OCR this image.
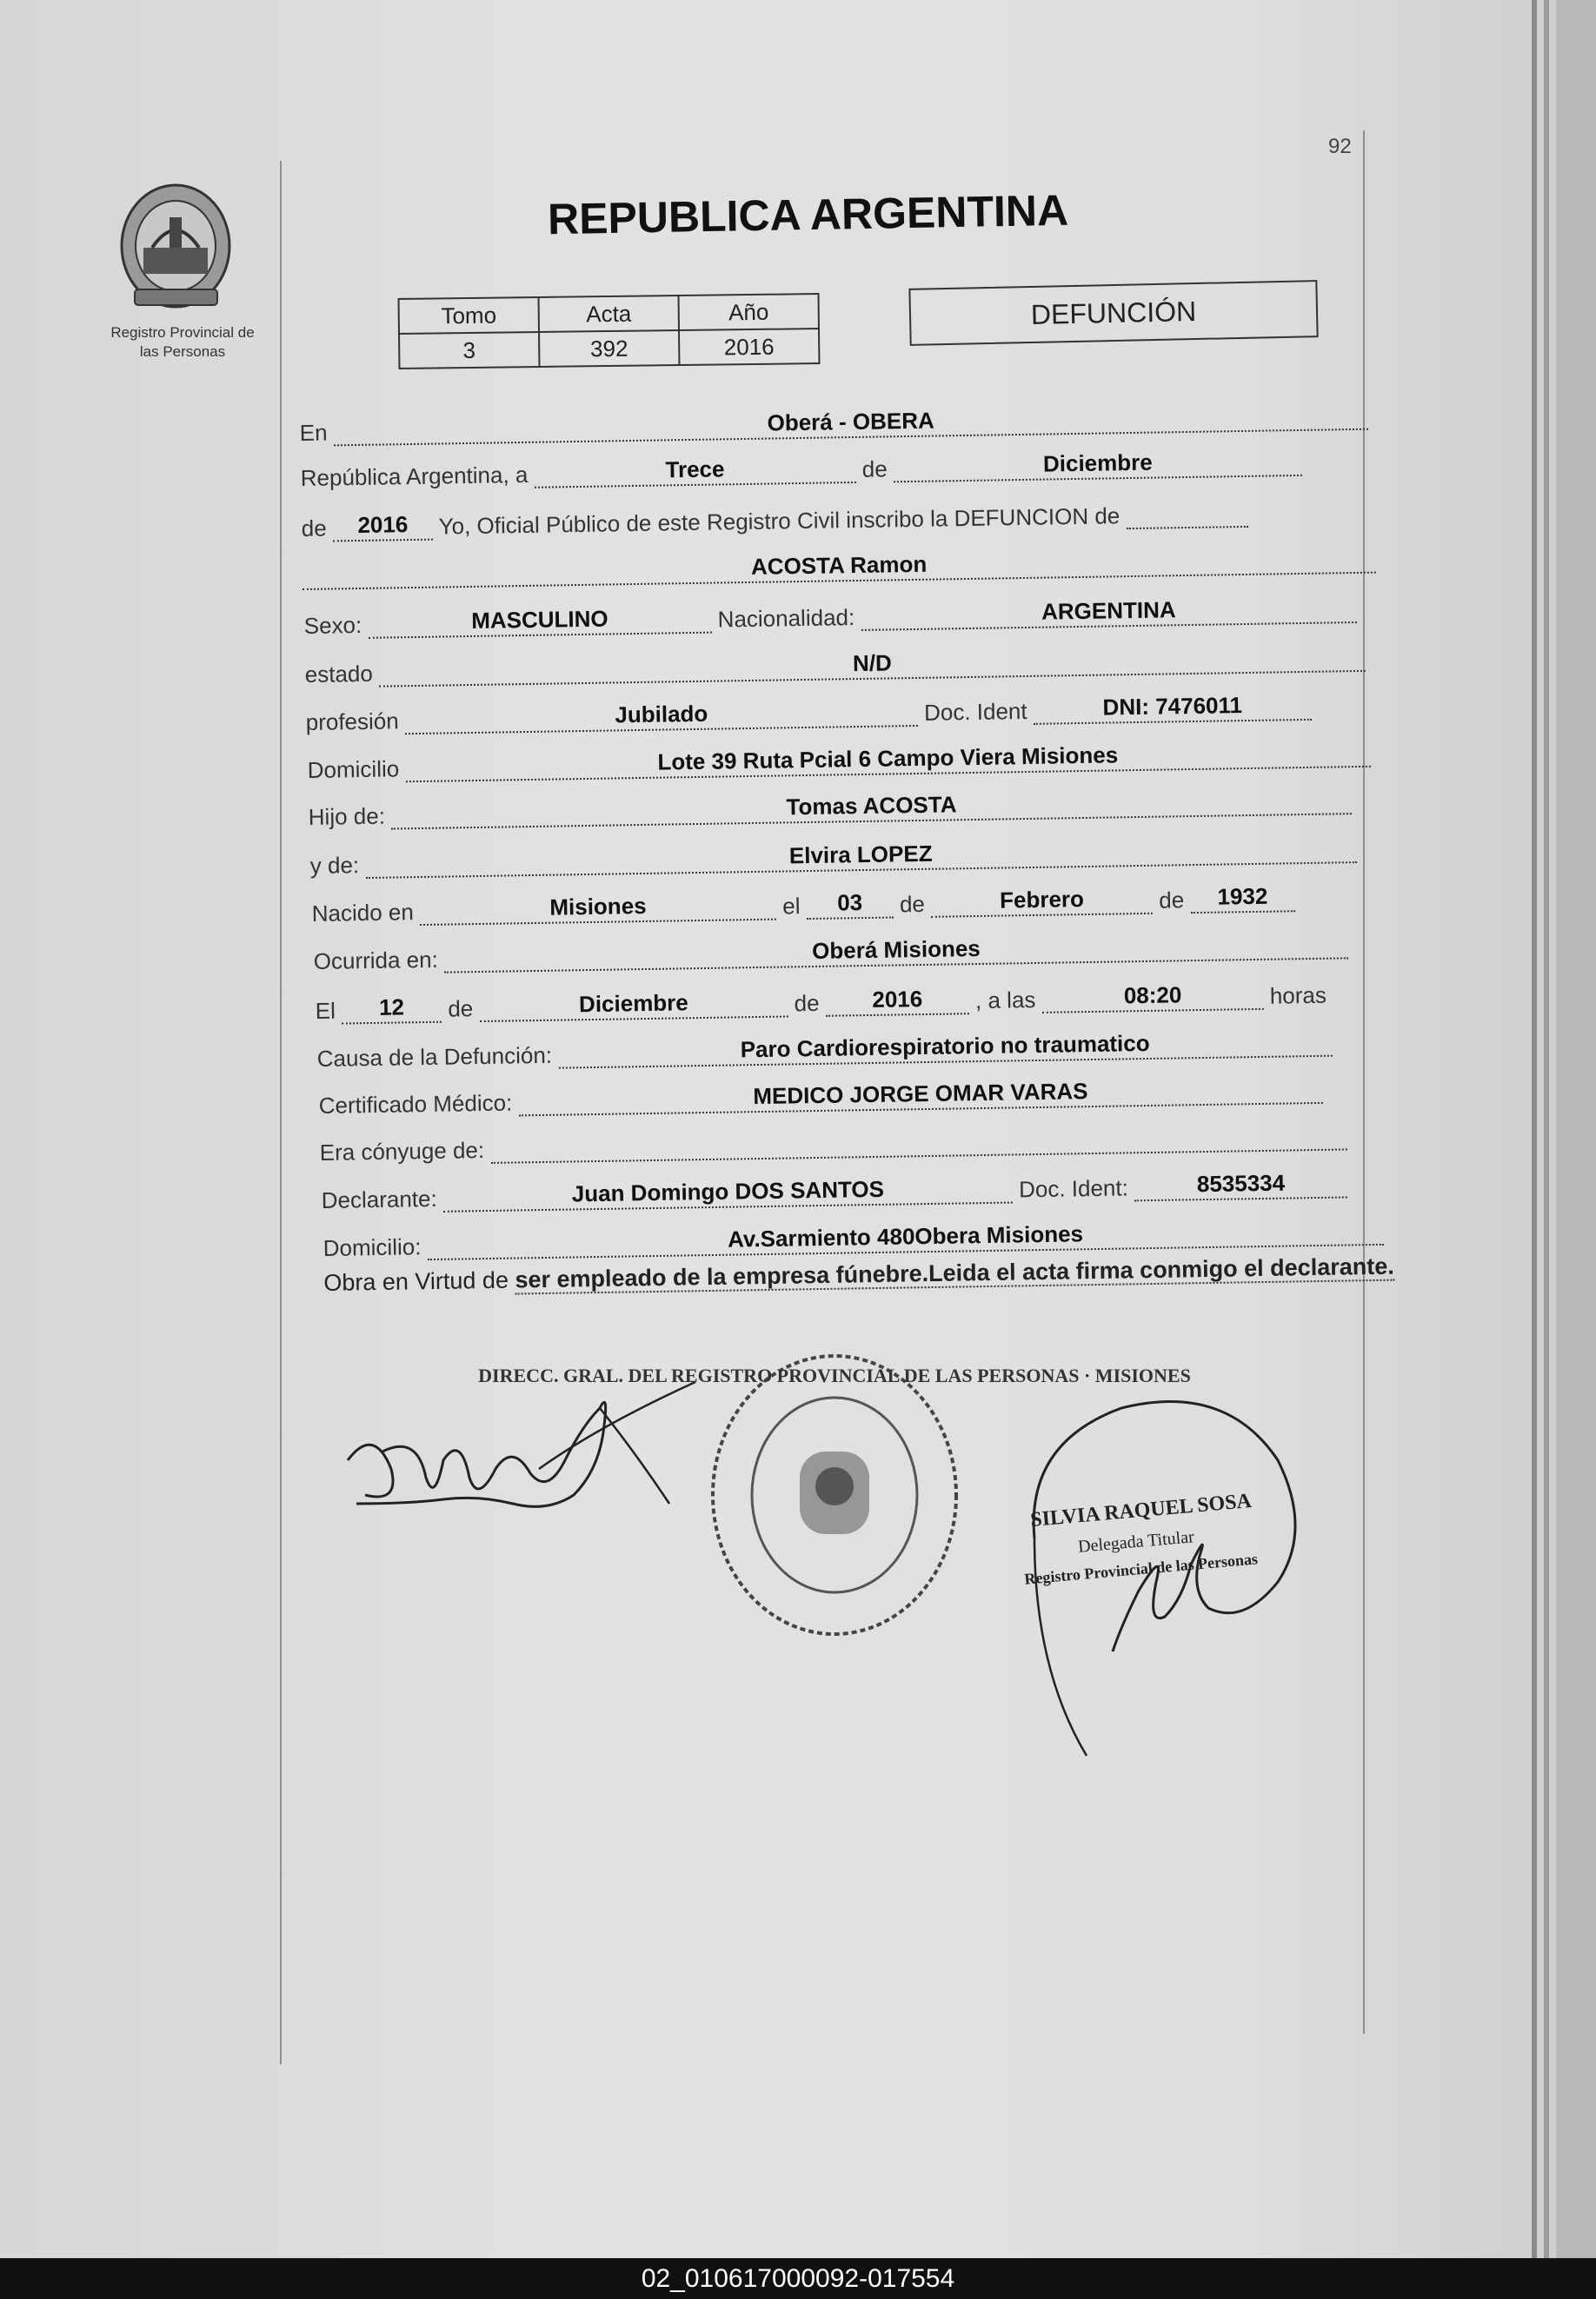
92
Registro Provincial de
las Personas
REPUBLICA ARGENTINA
Tomo	Acta	Año
3	392	2016
DEFUNCIÓN
En	Oberá - OBERA
República Argentina, a	Trece	de	Diciembre
de 2016 Yo, Oficial Público de este Registro Civil inscribo la DEFUNCION de
ACOSTA Ramon
Sexo:	MASCULINO	Nacionalidad:	ARGENTINA
estado	N/D
profesión	Jubilado	Doc. Ident	DNI: 7476011
Domicilio	Lote 39 Ruta Pcial 6 Campo Viera Misiones
Hijo de:	Tomas ACOSTA
y de:	Elvira LOPEZ
Nacido en	Misiones	el 03 de	Febrero	de 1932
Ocurrida en:	Oberá Misiones
El 12 de	Diciembre	de 2016 , a las	08:20	horas
Causa de la Defunción:	Paro Cardiorespiratorio no traumatico
Certificado Médico:	MEDICO JORGE OMAR VARAS
Era cónyuge de:
Declarante:	Juan Domingo DOS SANTOS	Doc. Ident:	8535334
Domicilio:	Av.Sarmiento 480Obera Misiones
Obra en Virtud de ser empleado de la empresa fúnebre.Leida el acta firma conmigo el declarante.
DIRECC. GRAL. DEL REGISTRO PROVINCIAL DE LAS PERSONAS · MISIONES
SILVIA RAQUEL SOSA
Delegada Titular
Registro Provincial de las Personas
02_010617000092-017554
